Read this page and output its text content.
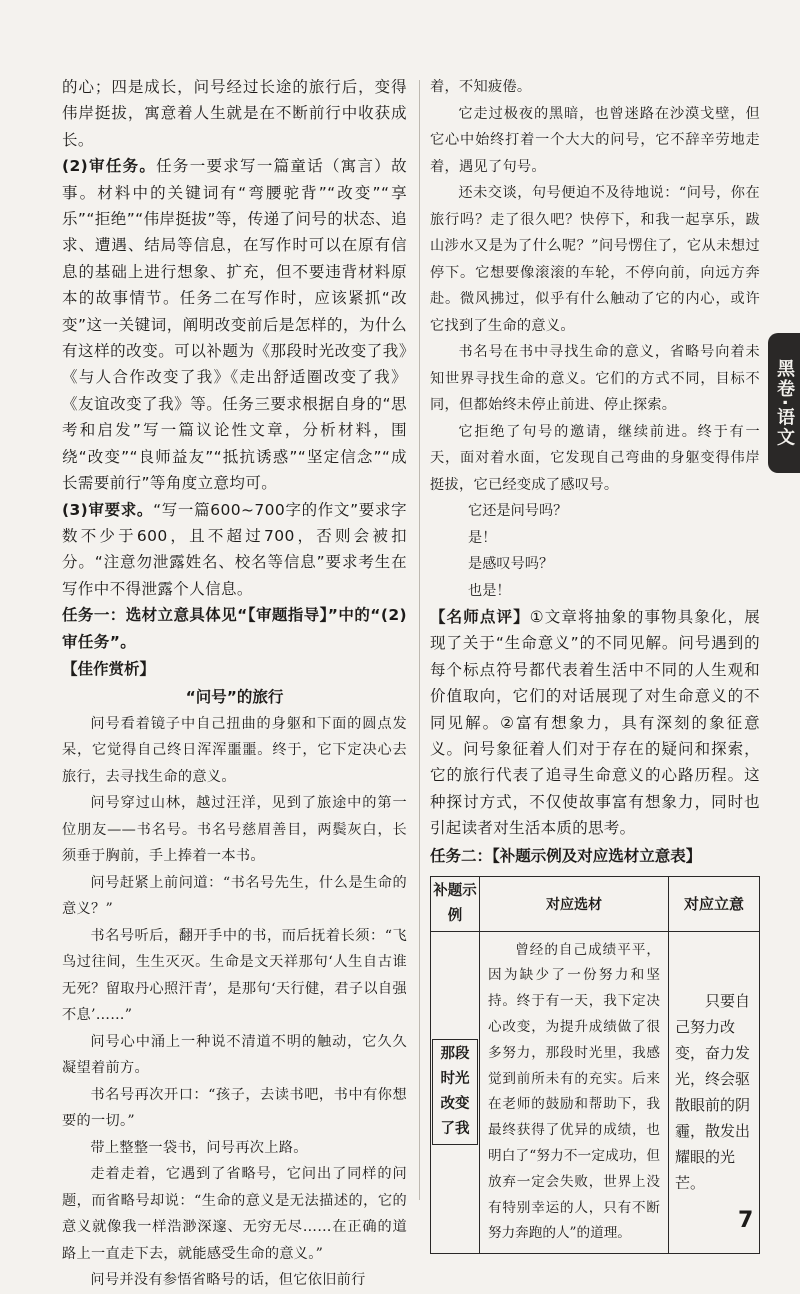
的心；四是成长，问号经过长途的旅行后，变得伟岸挺拔，寓意着人生就是在不断前行中收获成长。

(2)审任务。任务一要求写一篇童话（寓言）故事。材料中的关键词有“弯腰驼背”“改变”“享乐”“拒绝”“伟岸挺拔”等，传递了问号的状态、追求、遭遇、结局等信息，在写作时可以在原有信息的基础上进行想象、扩充，但不要违背材料原本的故事情节。任务二在写作时，应该紧抓“改变”这一关键词，阐明改变前后是怎样的，为什么有这样的改变。可以补题为《那段时光改变了我》《与人合作改变了我》《走出舒适圈改变了我》《友谊改变了我》等。任务三要求根据自身的“思考和启发”写一篇议论性文章，分析材料，围绕“改变”“良师益友”“抵抗诱惑”“坚定信念”“成长需要前行”等角度立意均可。

(3)审要求。“写一篇600~700字的作文”要求字数不少于600，且不超过700，否则会被扣分。“注意勿泄露姓名、校名等信息”要求考生在写作中不得泄露个人信息。

任务一：选材立意具体见“【审题指导】”中的“(2)审任务”。

【佳作赏析】

“问号”的旅行

问号看着镜子中自己扭曲的身躯和下面的圆点发呆，它觉得自己终日浑浑噩噩。终于，它下定决心去旅行，去寻找生命的意义。

问号穿过山林，越过汪洋，见到了旅途中的第一位朋友——书名号。书名号慈眉善目，两鬓灰白，长须垂于胸前，手上捧着一本书。

问号赶紧上前问道：“书名号先生，什么是生命的意义？”

书名号听后，翻开手中的书，而后抚着长须：“飞鸟过往间，生生灭灭。生命是文天祥那句‘人生自古谁无死？留取丹心照汗青’，是那句‘天行健，君子以自强不息’……”

问号心中涌上一种说不清道不明的触动，它久久凝望着前方。

书名号再次开口：“孩子，去读书吧，书中有你想要的一切。”

带上整整一袋书，问号再次上路。

走着走着，它遇到了省略号，它问出了同样的问题，而省略号却说：“生命的意义是无法描述的，它的意义就像我一样浩渺深邃、无穷无尽……在正确的道路上一直走下去，就能感受生命的意义。”

问号并没有参悟省略号的话，但它依旧前行

着，不知疲倦。

它走过极夜的黑暗，也曾迷路在沙漠戈壁，但它心中始终打着一个大大的问号，它不辞辛劳地走着，遇见了句号。

还未交谈，句号便迫不及待地说：“问号，你在旅行吗？走了很久吧？快停下，和我一起享乐，跋山涉水又是为了什么呢？”问号愣住了，它从未想过停下。它想要像滚滚的车轮，不停向前，向远方奔赴。微风拂过，似乎有什么触动了它的内心，或许它找到了生命的意义。

书名号在书中寻找生命的意义，省略号向着未知世界寻找生命的意义。它们的方式不同，目标不同，但都始终未停止前进、停止探索。

它拒绝了句号的邀请，继续前进。终于有一天，面对着水面，它发现自己弯曲的身躯变得伟岸挺拔，它已经变成了感叹号。

它还是问号吗？

是！

是感叹号吗？

也是！

【名师点评】①文章将抽象的事物具象化，展现了关于“生命意义”的不同见解。问号遇到的每个标点符号都代表着生活中不同的人生观和价值取向，它们的对话展现了对生命意义的不同见解。②富有想象力，具有深刻的象征意义。问号象征着人们对于存在的疑问和探索，它的旅行代表了追寻生命意义的心路历程。这种探讨方式，不仅使故事富有想象力，同时也引起读者对生活本质的思考。

任务二：【补题示例及对应选材立意表】

补题示例	对应选材	对应立意
那段时光改变了我	曾经的自己成绩平平，因为缺少了一份努力和坚持。终于有一天，我下定决心改变，为提升成绩做了很多努力，那段时光里，我感觉到前所未有的充实。后来在老师的鼓励和帮助下，我最终获得了优异的成绩，也明白了“努力不一定成功，但放弃一定会失败，世界上没有特别幸运的人，只有不断努力奔跑的人”的道理。	只要自己努力改变，奋力发光，终会驱散眼前的阴霾，散发出耀眼的光芒。
黑卷·语文
7
